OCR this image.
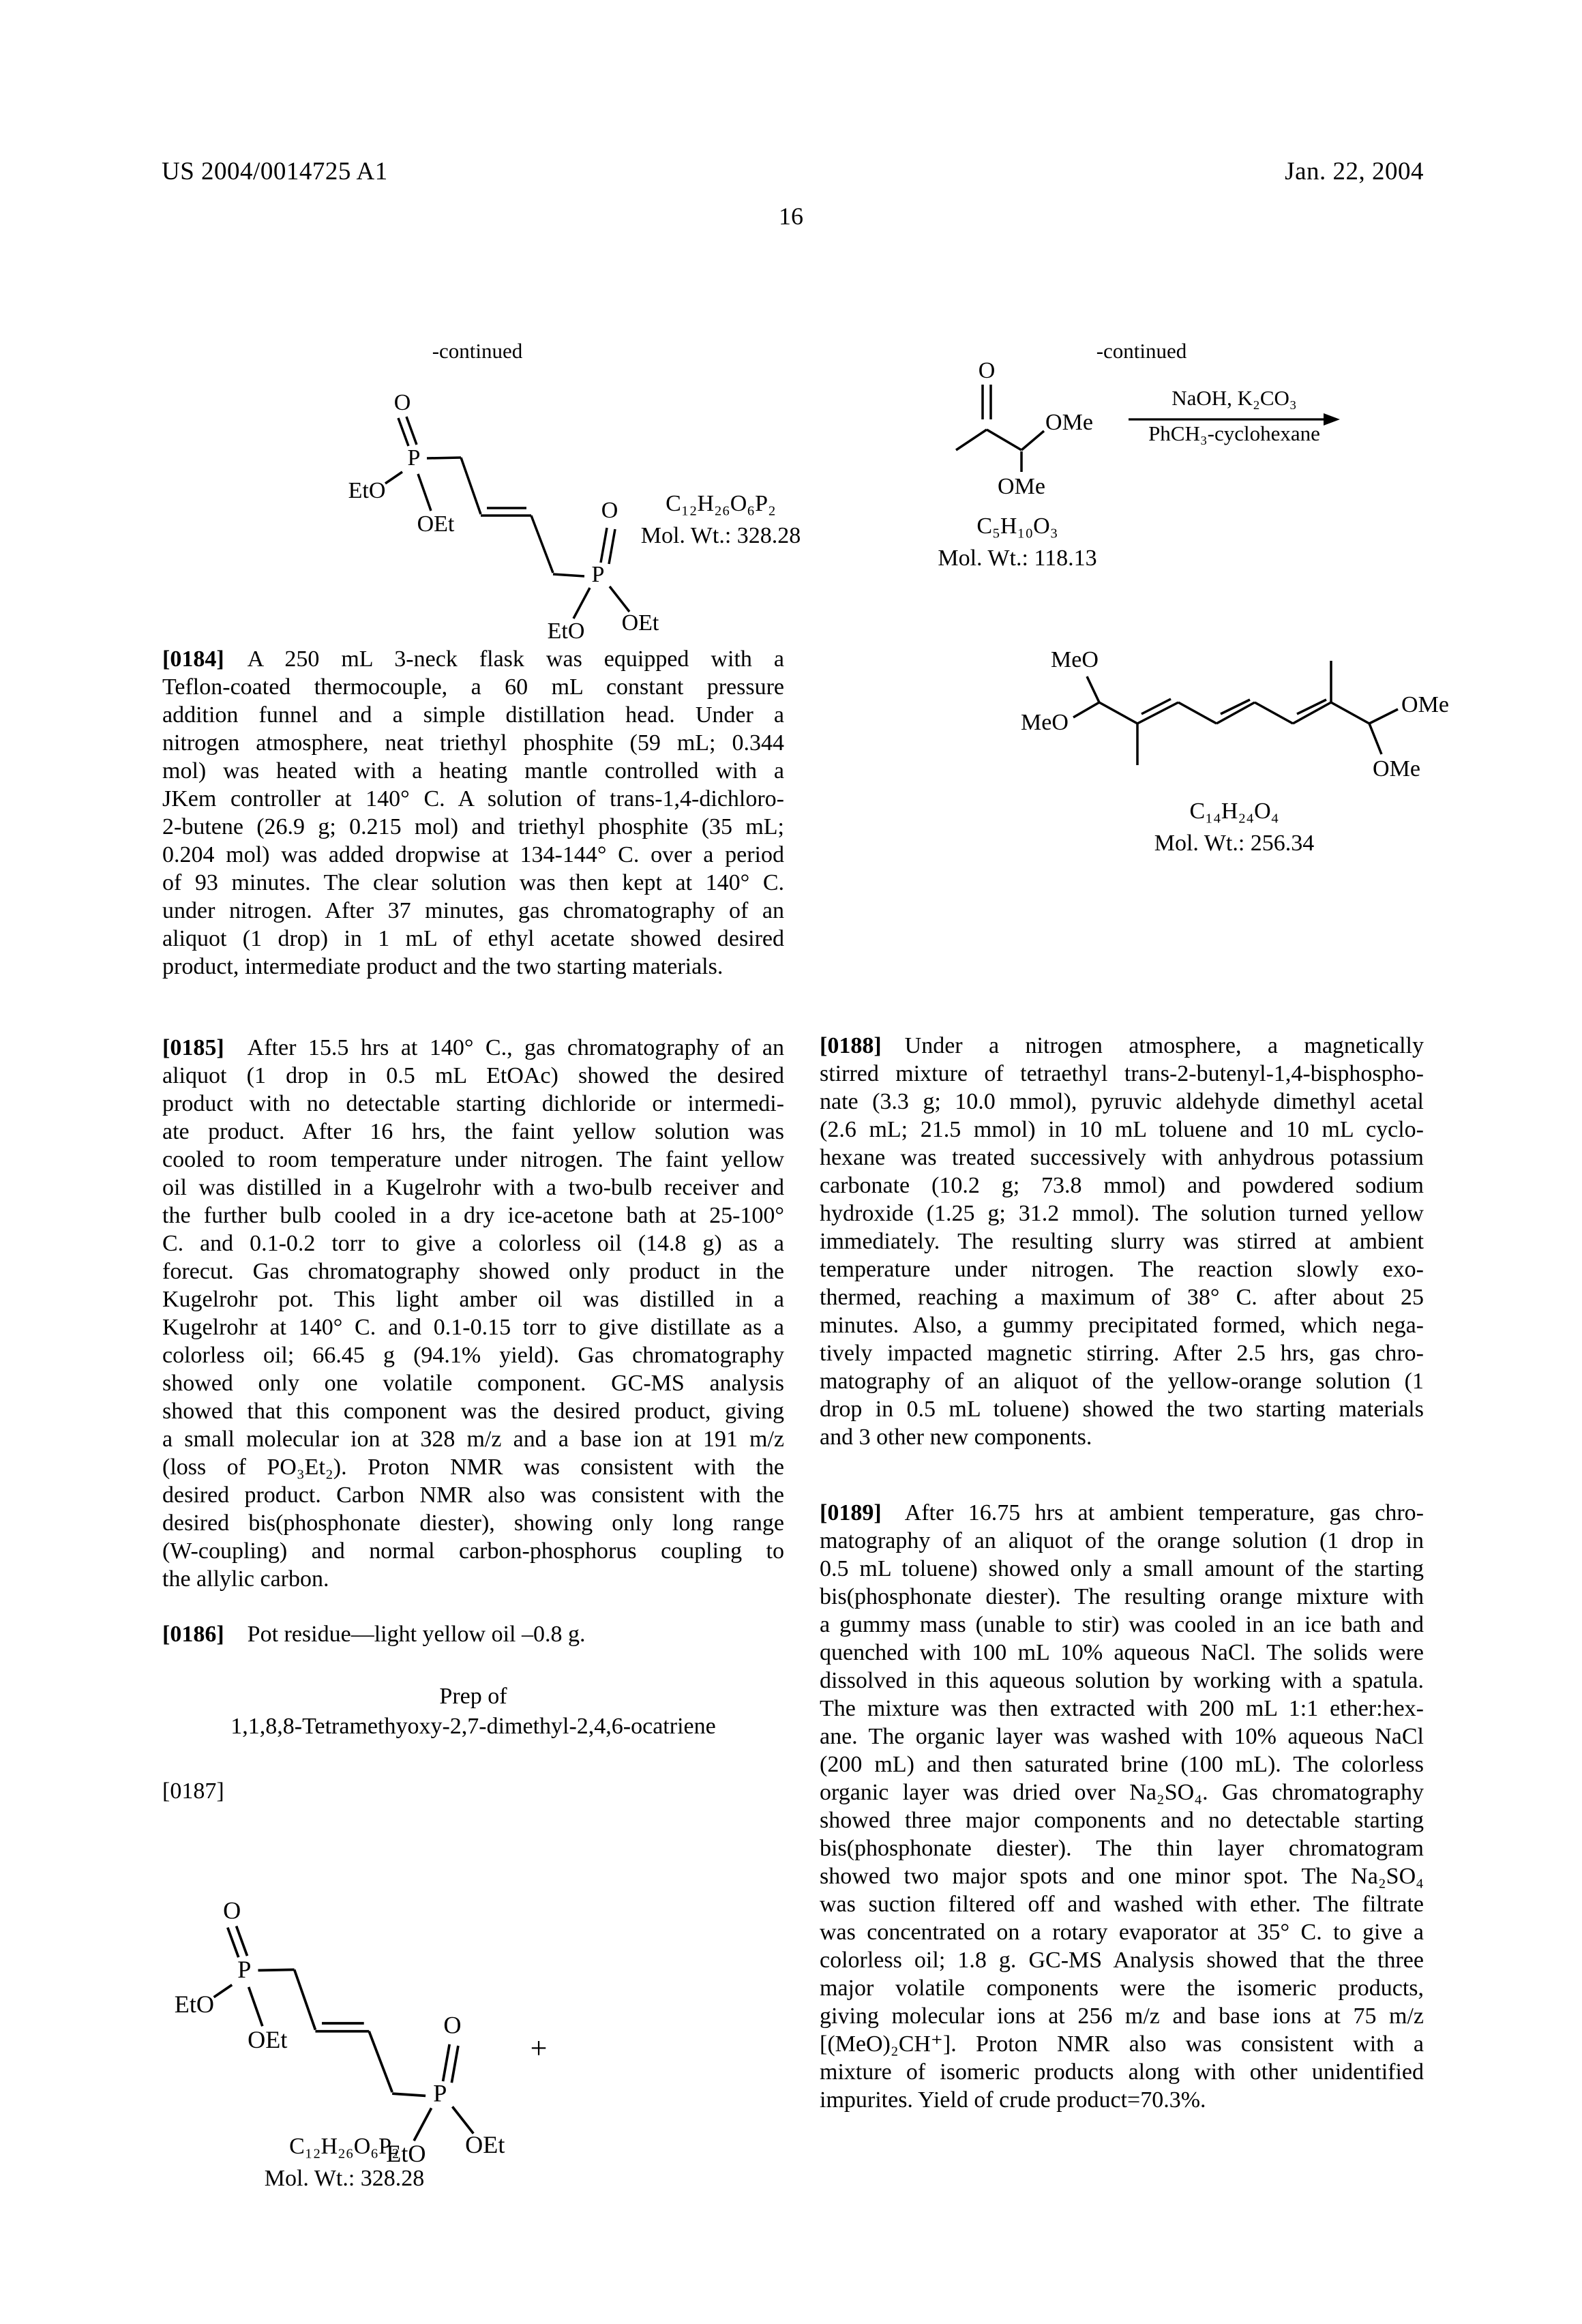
US 2004/0014725 A1	Jan. 22, 2004
16
-continued
O
P
EtO
OEt
O
P
EtO OEt
C₁₂H₂₆O₆P₂
Mol. Wt.: 328.28
[0184]  A 250 mL 3-neck flask was equipped with a
Teflon-coated thermocouple, a 60 mL constant pressure
addition funnel and a simple distillation head. Under a
nitrogen atmosphere, neat triethyl phosphite (59 mL; 0.344
mol) was heated with a heating mantle controlled with a
JKem controller at 140° C. A solution of trans-1,4-dichloro-
2-butene (26.9 g; 0.215 mol) and triethyl phosphite (35 mL;
0.204 mol) was added dropwise at 134-144° C. over a period
of 93 minutes. The clear solution was then kept at 140° C.
under nitrogen. After 37 minutes, gas chromatography of an
aliquot (1 drop) in 1 mL of ethyl acetate showed desired
product, intermediate product and the two starting materials.
[0185]  After 15.5 hrs at 140° C., gas chromatography of an
aliquot (1 drop in 0.5 mL EtOAc) showed the desired
product with no detectable starting dichloride or intermedi-
ate product. After 16 hrs, the faint yellow solution was
cooled to room temperature under nitrogen. The faint yellow
oil was distilled in a Kugelrohr with a two-bulb receiver and
the further bulb cooled in a dry ice-acetone bath at 25-100°
C. and 0.1-0.2 torr to give a colorless oil (14.8 g) as a
forecut. Gas chromatography showed only product in the
Kugelrohr pot. This light amber oil was distilled in a
Kugelrohr at 140° C. and 0.1-0.15 torr to give distillate as a
colorless oil; 66.45 g (94.1% yield). Gas chromatography
showed only one volatile component. GC-MS analysis
showed that this component was the desired product, giving
a small molecular ion at 328 m/z and a base ion at 191 m/z
(loss of PO₃Et₂). Proton NMR was consistent with the
desired product. Carbon NMR also was consistent with the
desired bis(phosphonate diester), showing only long range
(W-coupling) and normal carbon-phosphorus coupling to
the allylic carbon.
[0186]  Pot residue—light yellow oil –0.8 g.
Prep of
1,1,8,8-Tetramethyoxy-2,7-dimethyl-2,4,6-ocatriene
[0187]
O
P
EtO
OEt
O
P
EtO OEt
+
C₁₂H₂₆O₆P₂
Mol. Wt.: 328.28
-continued
O
OMe
OMe
C₅H₁₀O₃
Mol. Wt.: 118.13
NaOH, K₂CO₃
PhCH₃-cyclohexane
MeO
MeO
OMe
OMe
C₁₄H₂₄O₄
Mol. Wt.: 256.34
[0188]  Under a nitrogen atmosphere, a magnetically
stirred mixture of tetraethyl trans-2-butenyl-1,4-bisphospho-
nate (3.3 g; 10.0 mmol), pyruvic aldehyde dimethyl acetal
(2.6 mL; 21.5 mmol) in 10 mL toluene and 10 mL cyclo-
hexane was treated successively with anhydrous potassium
carbonate (10.2 g; 73.8 mmol) and powdered sodium
hydroxide (1.25 g; 31.2 mmol). The solution turned yellow
immediately. The resulting slurry was stirred at ambient
temperature under nitrogen. The reaction slowly exo-
thermed, reaching a maximum of 38° C. after about 25
minutes. Also, a gummy precipitated formed, which nega-
tively impacted magnetic stirring. After 2.5 hrs, gas chro-
matography of an aliquot of the yellow-orange solution (1
drop in 0.5 mL toluene) showed the two starting materials
and 3 other new components.
[0189]  After 16.75 hrs at ambient temperature, gas chro-
matography of an aliquot of the orange solution (1 drop in
0.5 mL toluene) showed only a small amount of the starting
bis(phosphonate diester). The resulting orange mixture with
a gummy mass (unable to stir) was cooled in an ice bath and
quenched with 100 mL 10% aqueous NaCl. The solids were
dissolved in this aqueous solution by working with a spatula.
The mixture was then extracted with 200 mL 1:1 ether:hex-
ane. The organic layer was washed with 10% aqueous NaCl
(200 mL) and then saturated brine (100 mL). The colorless
organic layer was dried over Na₂SO₄. Gas chromatography
showed three major components and no detectable starting
bis(phosphonate diester). The thin layer chromatogram
showed two major spots and one minor spot. The Na₂SO₄
was suction filtered off and washed with ether. The filtrate
was concentrated on a rotary evaporator at 35° C. to give a
colorless oil; 1.8 g. GC-MS Analysis showed that the three
major volatile components were the isomeric products,
giving molecular ions at 256 m/z and base ions at 75 m/z
[(MeO)₂CH⁺]. Proton NMR also was consistent with a
mixture of isomeric products along with other unidentified
impurites. Yield of crude product=70.3%.
